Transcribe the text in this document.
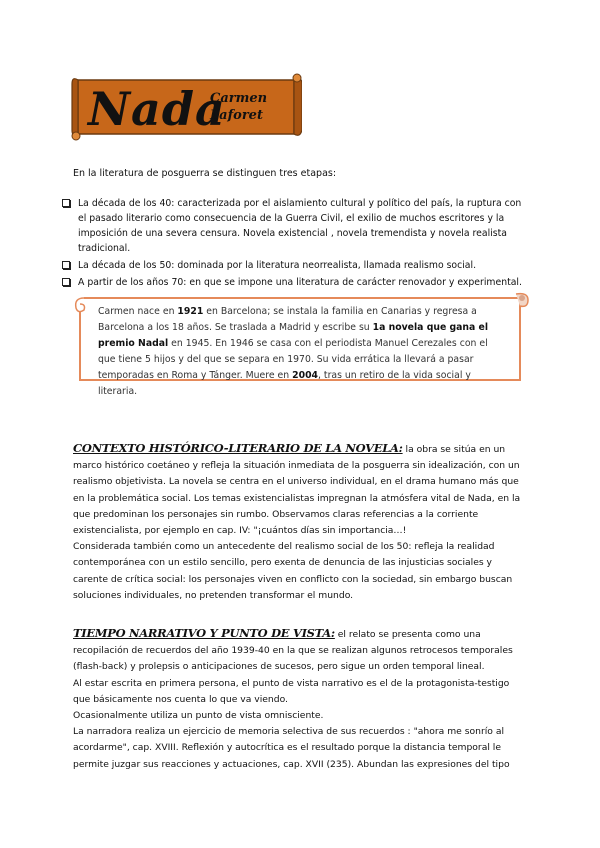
Nada
Carmen
Laforet
En la literatura de posguerra se distinguen tres etapas:
La década de los 40: caracterizada por el aislamiento cultural y político del país, la ruptura con el pasado literario como consecuencia de la Guerra Civil, el exilio de muchos escritores y la imposición de una severa censura. Novela existencial , novela tremendista y novela realista tradicional.
La década de los 50: dominada por la literatura neorrealista, llamada realismo social.
A partir de los años 70: en que se impone una literatura de carácter renovador y experimental.
Carmen nace en 1921 en Barcelona; se instala la familia en Canarias y regresa a Barcelona a los 18 años. Se traslada a Madrid y escribe su 1a novela que gana el premio Nadal en 1945. En 1946 se casa con el periodista Manuel Cerezales con el que tiene 5 hijos y del que se separa en 1970. Su vida errática la llevará a pasar temporadas en Roma y Tánger. Muere en 2004, tras un retiro de la vida social y literaria.
CONTEXTO HISTÓRICO-LITERARIO DE LA NOVELA: la obra se sitúa en un marco histórico coetáneo y refleja la situación inmediata de la posguerra sin idealización, con un realismo objetivista. La novela se centra en el universo individual, en el drama humano más que en la problemática social. Los temas existencialistas impregnan la atmósfera vital de Nada, en la que predominan los personajes sin rumbo. Observamos claras referencias a la corriente existencialista, por ejemplo en cap. IV: "¡cuántos días sin importancia…!
Considerada también como un antecedente del realismo social de los 50: refleja la realidad contemporánea con un estilo sencillo, pero exenta de denuncia de las injusticias sociales y carente de crítica social: los personajes viven en conflicto con la sociedad, sin embargo buscan soluciones individuales, no pretenden transformar el mundo.
TIEMPO NARRATIVO Y PUNTO DE VISTA: el relato se presenta como una recopilación de recuerdos del año 1939-40 en la que se realizan algunos retrocesos temporales (flash-back) y prolepsis o anticipaciones de sucesos, pero sigue un orden temporal lineal.
Al estar escrita en primera persona, el punto de vista narrativo es el de la protagonista-testigo que básicamente nos cuenta lo que va viendo.
Ocasionalmente utiliza un punto de vista omnisciente.
La narradora realiza un ejercicio de memoria selectiva de sus recuerdos : "ahora me sonrío al acordarme", cap. XVIII. Reflexión y autocrítica es el resultado porque la distancia temporal le permite juzgar sus reacciones y actuaciones, cap. XVII (235). Abundan las expresiones del tipo
